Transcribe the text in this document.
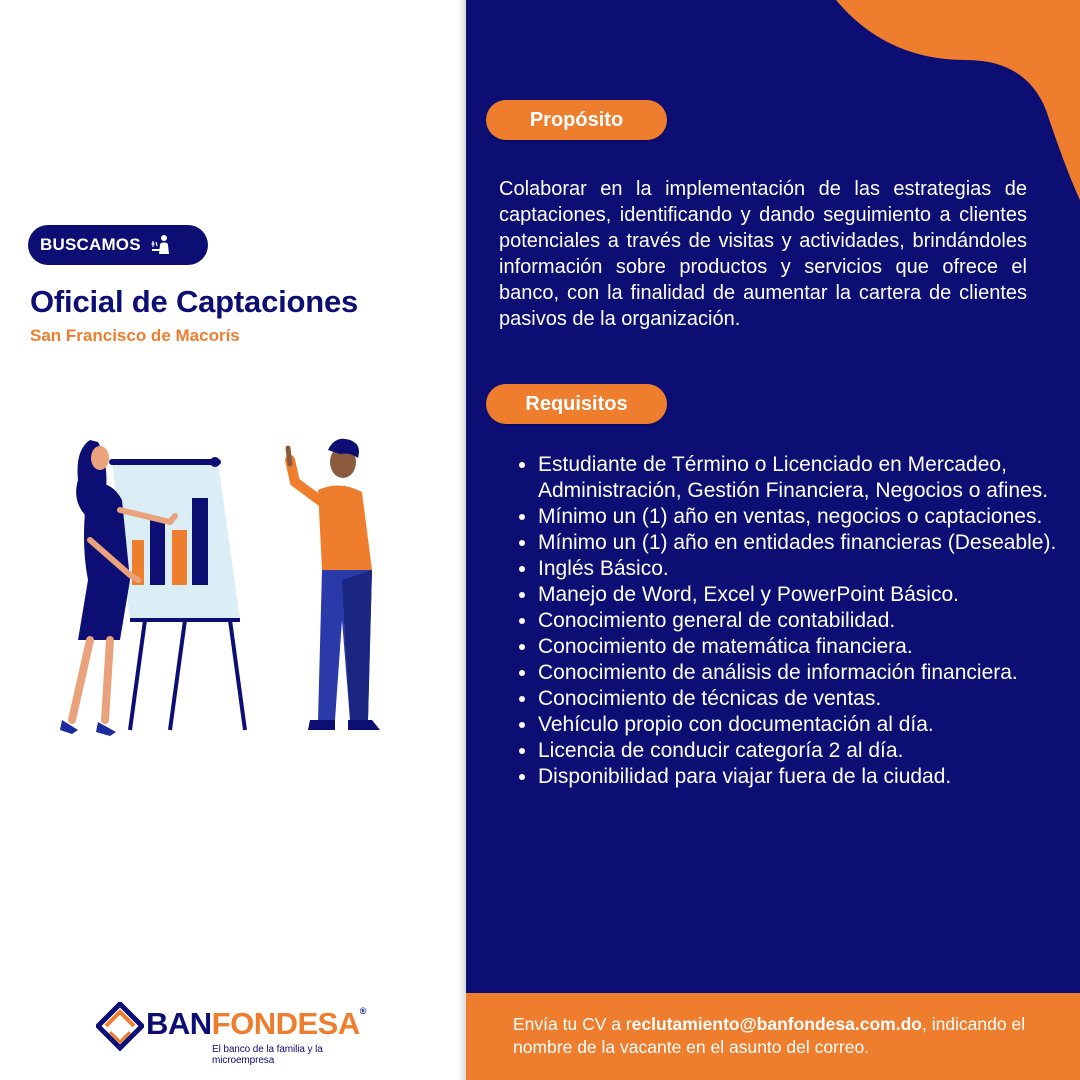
BUSCAMOS
Oficial de Captaciones
San Francisco de Macorís
BANFONDESA®
El banco de la familia y la microempresa
Propósito
Colaborar en la implementación de las estrategias de captaciones, identificando y dando seguimiento a clientes potenciales a través de visitas y actividades, brindándoles información sobre productos y servicios que ofrece el banco, con la finalidad de aumentar la cartera de clientes pasivos de la organización.
Requisitos
• Estudiante de Término o Licenciado en Mercadeo, Administración, Gestión Financiera, Negocios o afines.
• Mínimo un (1) año en ventas, negocios o captaciones.
• Mínimo un (1) año en entidades financieras (Deseable).
• Inglés Básico.
• Manejo de Word, Excel y PowerPoint Básico.
• Conocimiento general de contabilidad.
• Conocimiento de matemática financiera.
• Conocimiento de análisis de información financiera.
• Conocimiento de técnicas de ventas.
• Vehículo propio con documentación al día.
• Licencia de conducir categoría 2 al día.
• Disponibilidad para viajar fuera de la ciudad.
Envía tu CV a reclutamiento@banfondesa.com.do, indicando el nombre de la vacante en el asunto del correo.
